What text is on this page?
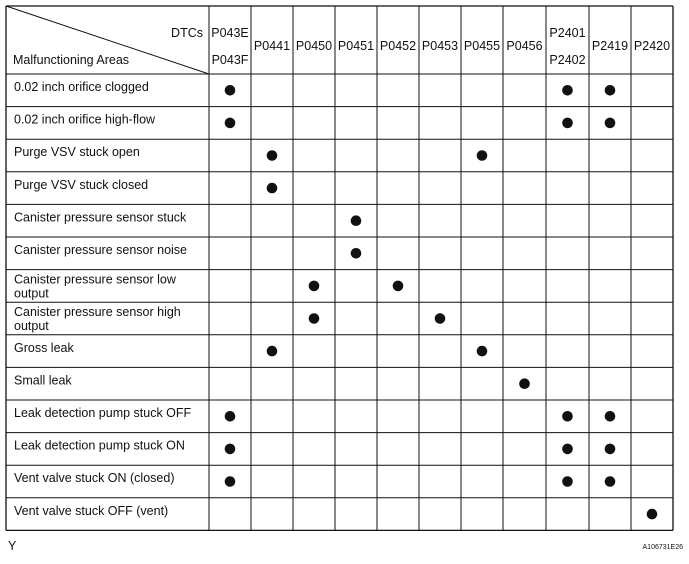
DTCs
Malfunctioning Areas
P043E
P043F
P0441 P0450 P0451 P0452 P0453 P0455 P0456
P2401
P2402
P2419 P2420
0.02 inch orifice clogged
0.02 inch orifice high-flow
Purge VSV stuck open
Purge VSV stuck closed
Canister pressure sensor stuck
Canister pressure sensor noise
Canister pressure sensor low
output
Canister pressure sensor high
output
Gross leak
Small leak
Leak detection pump stuck OFF
Leak detection pump stuck ON
Vent valve stuck ON (closed)
Vent valve stuck OFF (vent)
Y	A106731E26
